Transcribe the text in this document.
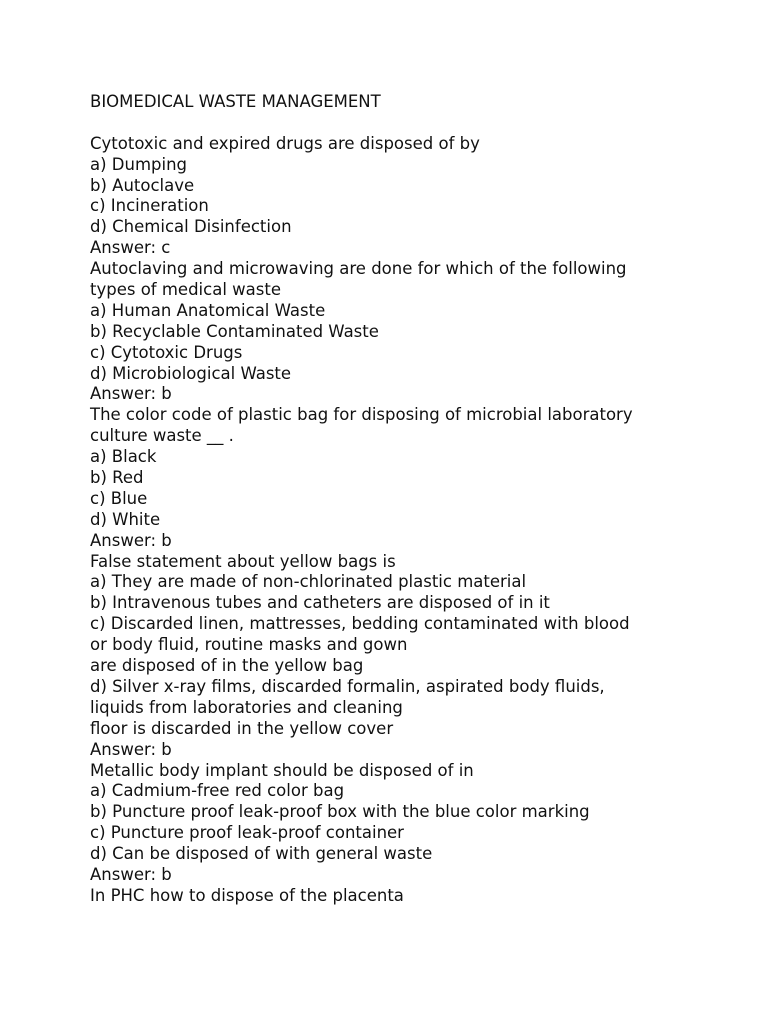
BIOMEDICAL WASTE MANAGEMENT
Cytotoxic and expired drugs are disposed of by
a) Dumping
b) Autoclave
c) Incineration
d) Chemical Disinfection
Answer: c
Autoclaving and microwaving are done for which of the following
types of medical waste
a) Human Anatomical Waste
b) Recyclable Contaminated Waste
c) Cytotoxic Drugs
d) Microbiological Waste
Answer: b
The color code of plastic bag for disposing of microbial laboratory
culture waste __ .
a) Black
b) Red
c) Blue
d) White
Answer: b
False statement about yellow bags is
a) They are made of non-chlorinated plastic material
b) Intravenous tubes and catheters are disposed of in it
c) Discarded linen, mattresses, bedding contaminated with blood
or body fluid, routine masks and gown
are disposed of in the yellow bag
d) Silver x-ray films, discarded formalin, aspirated body fluids,
liquids from laboratories and cleaning
floor is discarded in the yellow cover
Answer: b
Metallic body implant should be disposed of in
a) Cadmium-free red color bag
b) Puncture proof leak-proof box with the blue color marking
c) Puncture proof leak-proof container
d) Can be disposed of with general waste
Answer: b
In PHC how to dispose of the placenta
